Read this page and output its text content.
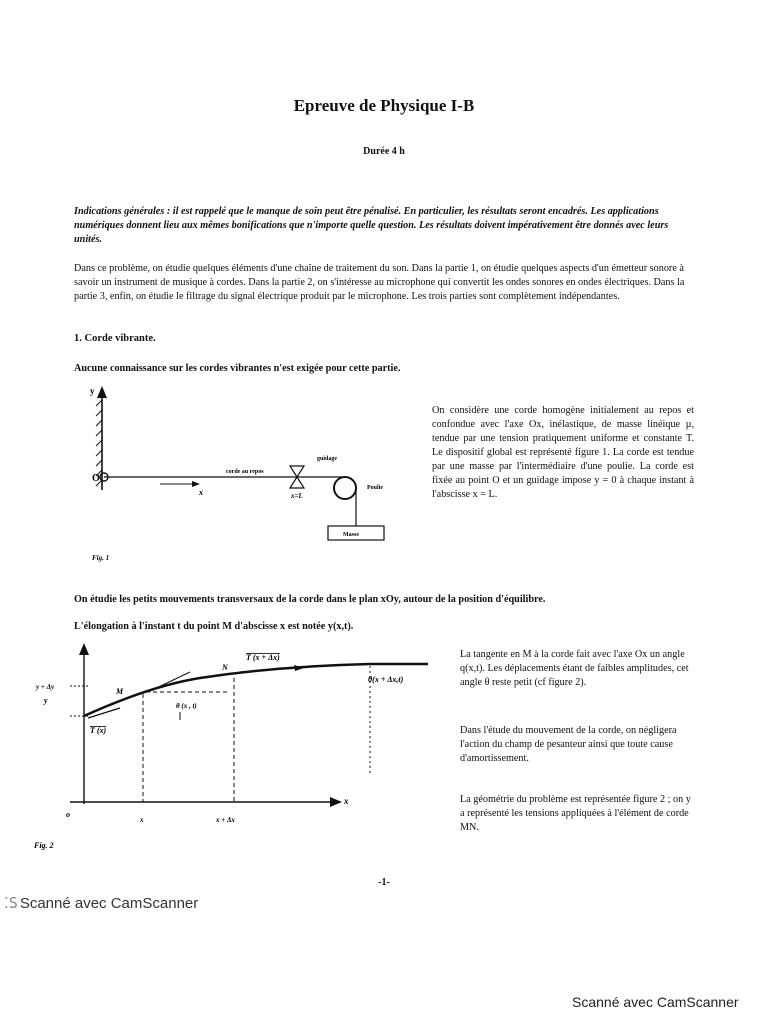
Epreuve de Physique I-B
Durée 4 h
Indications générales : il est rappelé que le manque de soin peut être pénalisé. En particulier, les résultats seront encadrés. Les applications numériques donnent lieu aux mêmes bonifications que n'importe quelle question. Les résultats doivent impérativement être donnés avec leurs unités.
Dans ce problème, on étudie quelques éléments d'une chaîne de traitement du son. Dans la partie 1, on étudie quelques aspects d'un émetteur sonore à savoir un instrument de musique à cordes. Dans la partie 2, on s'intéresse au microphone qui convertit les ondes sonores en ondes électriques. Dans la partie 3, enfin, on étudie le filtrage du signal électrique produit par le microphone. Les trois parties sont complètement indépendantes.
1. Corde vibrante.
Aucune connaissance sur les cordes vibrantes n'est exigée pour cette partie.
y
O
x
corde au repos
guidage
x=L
Poulie
Masse
Fig. 1
On considère une corde homogène initialement au repos et confondue avec l'axe Ox, inélastique, de masse linéique µ, tendue par une tension pratiquement uniforme et constante T. Le dispositif global est représenté figure 1. La corde est tendue par une masse par l'intermédiaire d'une poulie. La corde est fixée au point O et un guidage impose y = 0 à chaque instant à l'abscisse x = L.
On étudie les petits mouvements transversaux de la corde dans le plan xOy, autour de la position d'équilibre.
L'élongation à l'instant t du point M d'abscisse x est notée y(x,t).
y + Δy
y
o
x
x	x + Δx
M
N
T (x)
T (x + Δx)
θ (x , t)
θ(x + Δx,t)
Fig. 2
La tangente en M à la corde fait avec l'axe Ox un angle q(x,t). Les déplacements étant de faibles amplitudes, cet angle θ reste petit (cf figure 2).
Dans l'étude du mouvement de la corde, on négligera l'action du champ de pesanteur ainsi que toute cause d'amortissement.
La géométrie du problème est représentée figure 2 ; on y a représenté les tensions appliquées à l'élément de corde MN.
-1-
⁚S Scanné avec CamScanner
Scanné avec CamScanner
